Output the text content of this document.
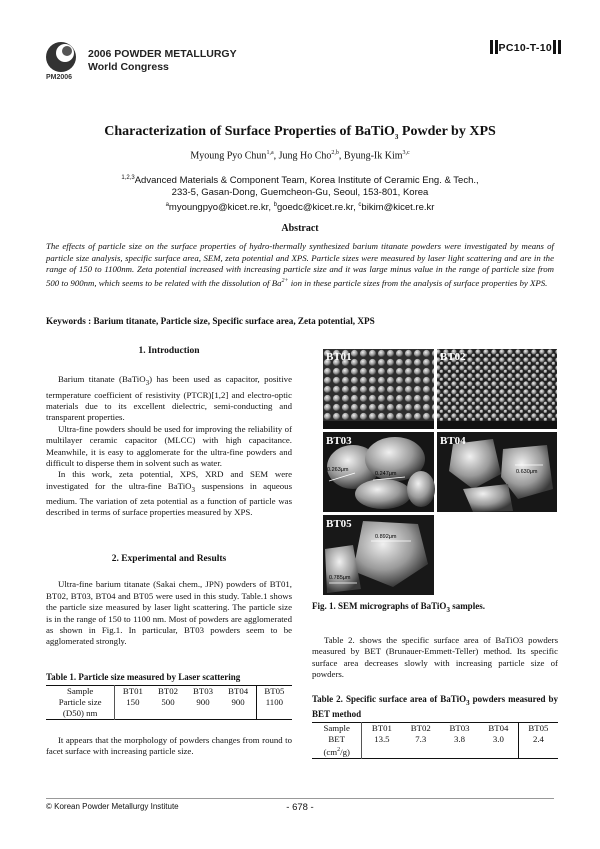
PM2006
2006 POWDER METALLURGY
World Congress
PC10-T-10
Characterization of Surface Properties of BaTiO$_3$ Powder by XPS
Myoung Pyo Chun$^{1,a}$, Jung Ho Cho$^{2,b}$, Byung-Ik Kim$^{3,c}$
$^{1,2,3}$Advanced Materials & Component Team, Korea Institute of Ceramic Eng. & Tech.,
233-5, Gasan-Dong, Guemcheon-Gu, Seoul, 153-801, Korea
$^a$myoungpyo@kicet.re.kr, $^b$goedc@kicet.re.kr, $^c$bikim@kicet.re.kr
Abstract
The effects of particle size on the surface properties of hydro-thermally synthesized barium titanate powders were investigated by means of particle size analysis, specific surface area, SEM, zeta potential and XPS. Particle sizes were measured by laser light scattering and are in the range of 150 to 1100nm. Zeta potential increased with increasing particle size and it was large minus value in the range of particle size from 500 to 900nm, which seems to be related with the dissolution of $Ba^{2+}$ ion in these particle sizes from the analysis of surface properties by XPS.
Keywords : Barium titanate, Particle size, Specific surface area, Zeta potential, XPS
1. Introduction

Barium titanate (BaTiO$_3$) has been used as capacitor, positive termperature coefficient of resistivity (PTCR)[1,2] and electro-optic materials due to its excellent dielectric, semi-conducting and transparent properties.

Ultra-fine powders should be used for improving the reliability of multilayer ceramic capacitor (MLCC) with high capacitance. Meanwhile, it is easy to agglomerate for the ultra-fine powders and difficult to disperse them in solvent such as water.

In this work, zeta potential, XPS, XRD and SEM were investigated for the ultra-fine BaTiO$_3$ suspensions in aqueous medium. The variation of zeta potential as a function of particle was described in terms of surface properties measured by XPS.

2. Experimental and Results

Ultra-fine barium titanate (Sakai chem., JPN) powders of BT01, BT02, BT03, BT04 and BT05 were used in this study. Table.1 shows the particle size measured by laser light scattering. The particle size is in the range of 150 to 1100 nm. Most of powders are agglomerated as shown in Fig.1. In particular, BT03 powders seem to be agglomerated strongly.

Table 1. Particle size measured by Laser scattering
Sample	BT01	BT02	BT03	BT04	BT05

Particle size
(D50) nm	150	500	900	900	1100

It appears that the morphology of powders changes from round to facet surface with increasing particle size.

BT01	BT02
0.263μm
0.247μm
BT03
0.630μm
BT04
0.892μm
0.785μm
BT05
Fig. 1. SEM micrographs of BaTiO$_3$ samples.

Table 2. shows the specific surface area of BaTiO3 powders measured by BET (Brunauer-Emmett-Teller) method. Its specific surface area decreases slowly with increasing particle size of powders.

Table 2. Specific surface area of BaTiO$_3$ powders measured by BET method
Sample	BT01	BT02	BT03	BT04	BT05

BET
$(cm^2/g)$	13.5	7.3	3.8	3.0	2.4
© Korean Powder Metallurgy Institute	- 678 -
